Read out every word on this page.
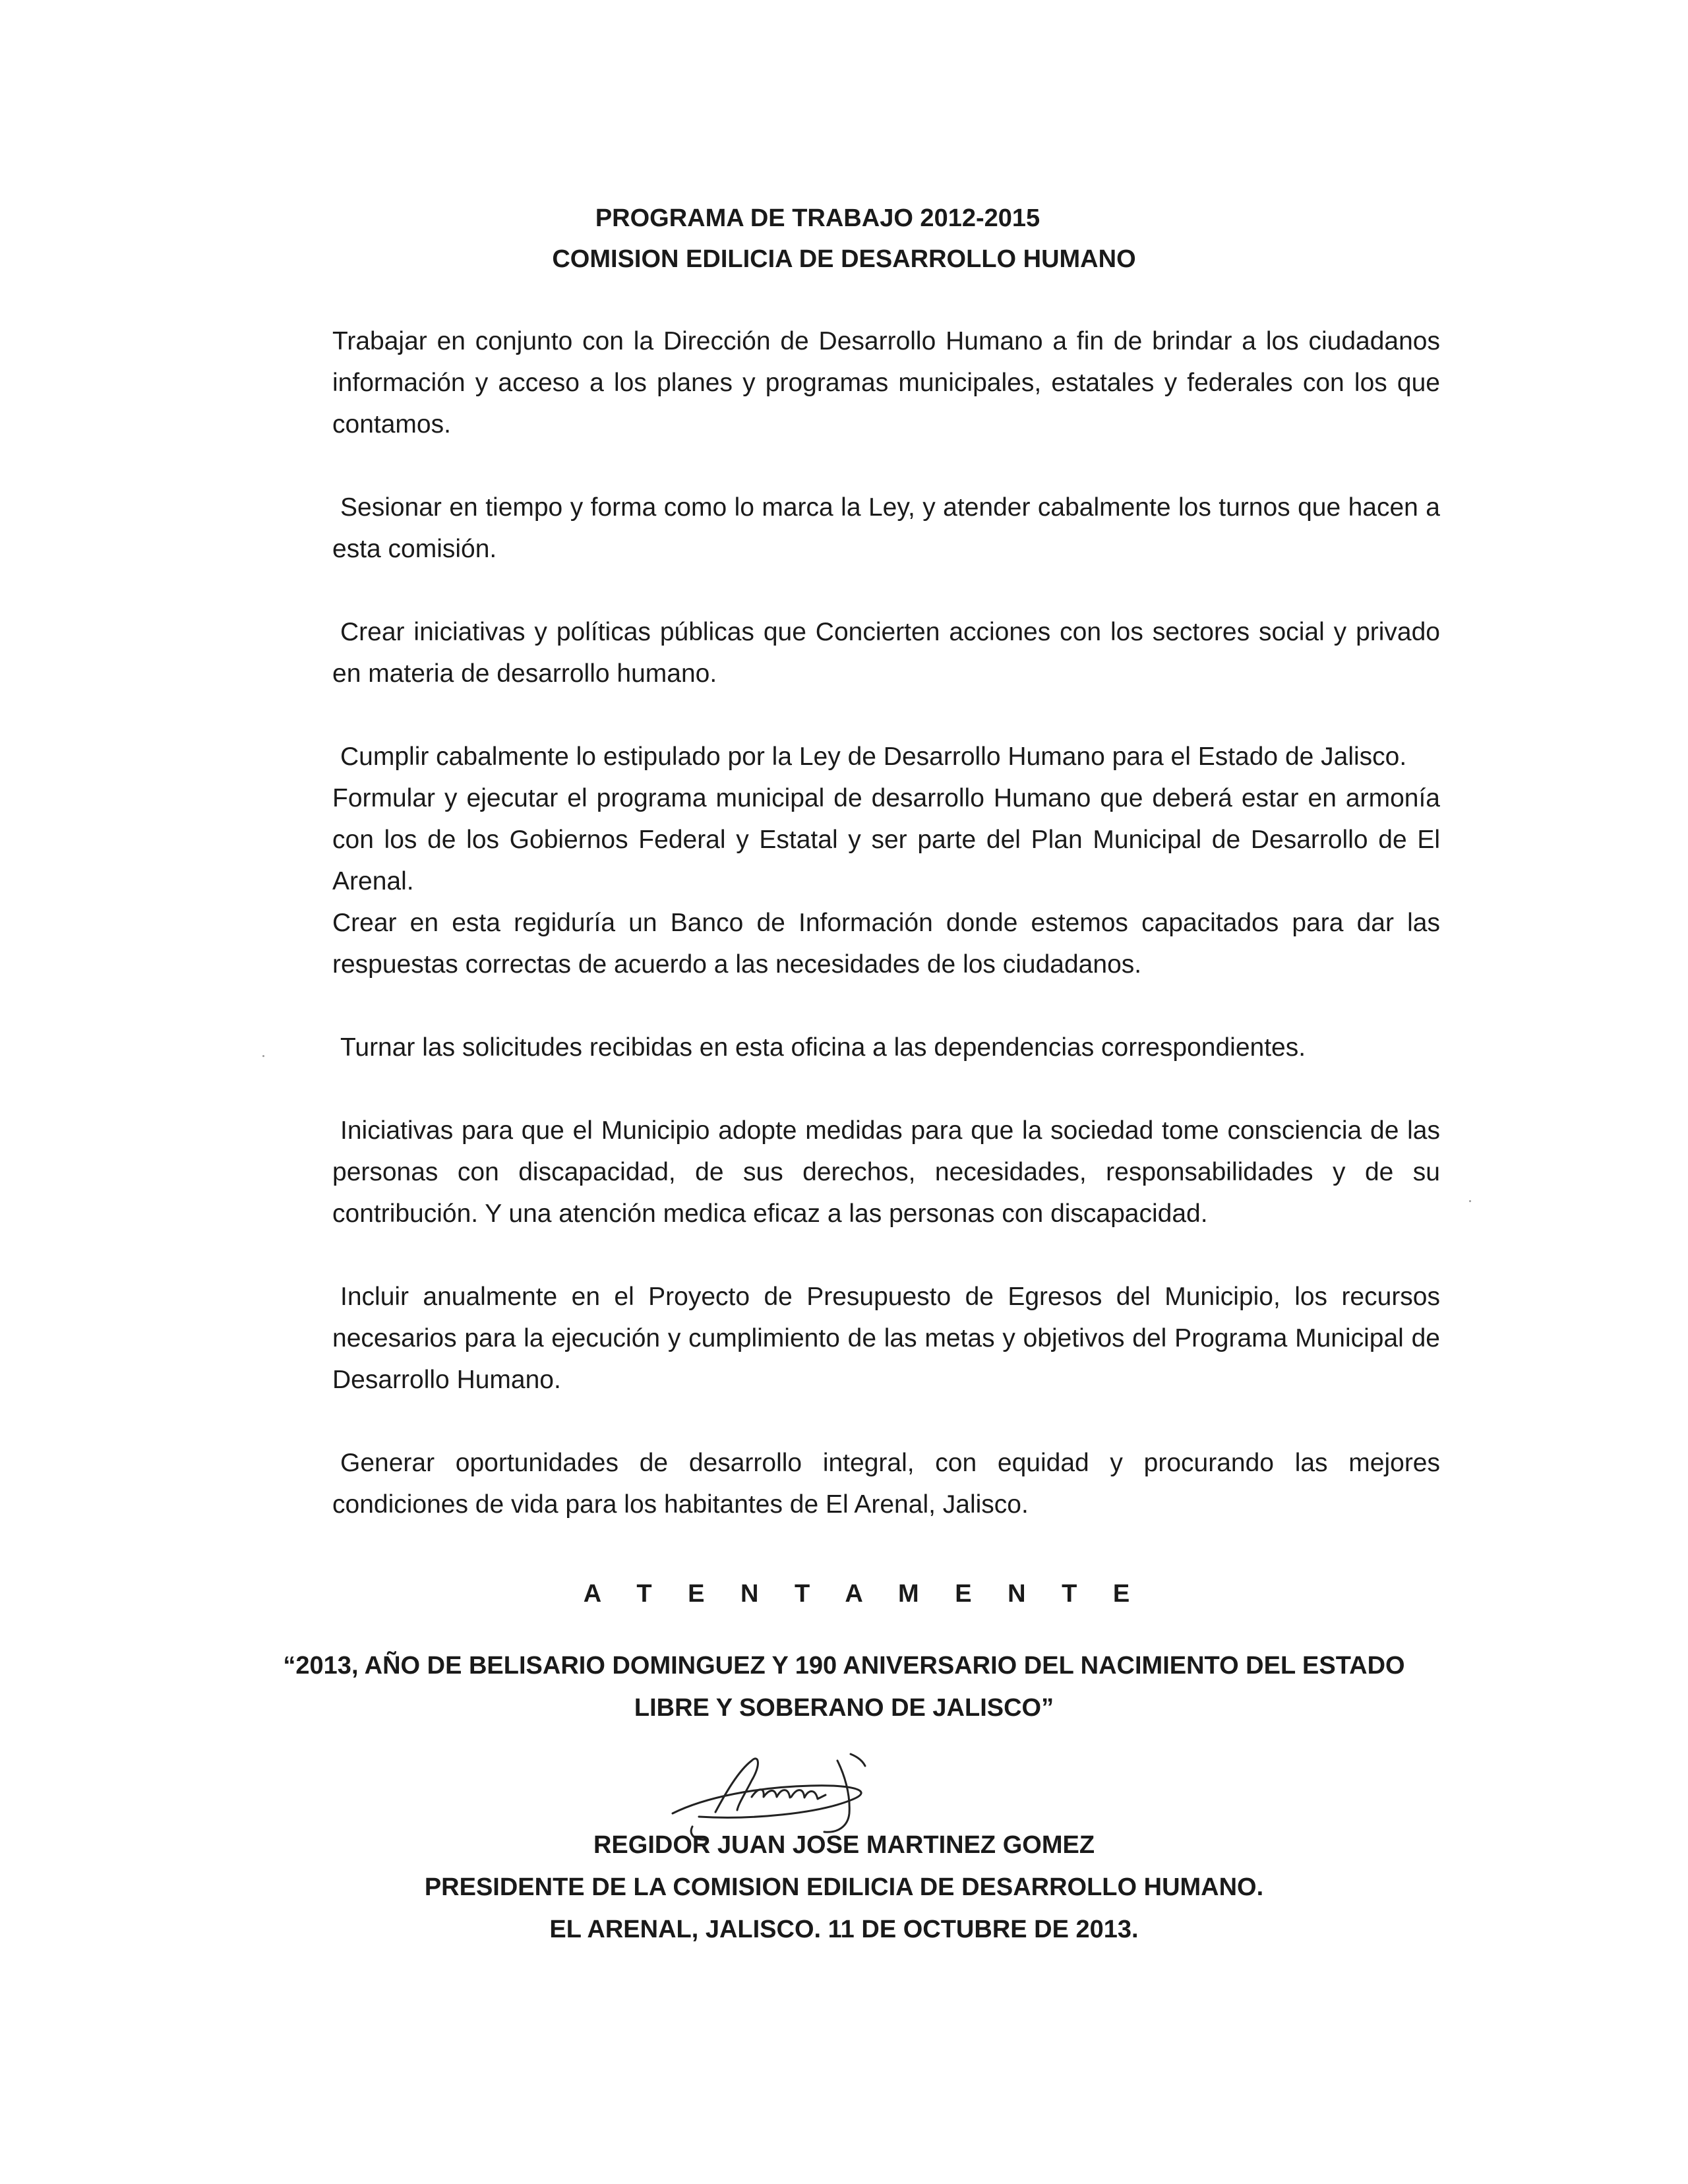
PROGRAMA DE TRABAJO 2012-2015
COMISION EDILICIA DE DESARROLLO HUMANO

Trabajar en conjunto con la Dirección de Desarrollo Humano a fin de brindar a los ciudadanos información y acceso a los planes y programas municipales, estatales y federales con los que contamos.

Sesionar en tiempo y forma como lo marca la Ley, y atender cabalmente los turnos que hacen a esta comisión.

Crear iniciativas y políticas públicas que Concierten acciones con los sectores social y privado en materia de desarrollo humano.

Cumplir cabalmente lo estipulado por la Ley de Desarrollo Humano para el Estado de Jalisco.

Formular y ejecutar el programa municipal de desarrollo Humano que deberá estar en armonía con los de los Gobiernos Federal y Estatal y ser parte del Plan Municipal de Desarrollo de El Arenal.

Crear en esta regiduría un Banco de Información donde estemos capacitados para dar las respuestas correctas de acuerdo a las necesidades de los ciudadanos.

Turnar las solicitudes recibidas en esta oficina a las dependencias correspondientes.

Iniciativas para que el Municipio adopte medidas para que la sociedad tome consciencia de las personas con discapacidad, de sus derechos, necesidades, responsabilidades y de su contribución. Y una atención medica eficaz a las personas con discapacidad.

Incluir anualmente en el Proyecto de Presupuesto de Egresos del Municipio, los recursos necesarios para la ejecución y cumplimiento de las metas y objetivos del Programa Municipal de Desarrollo Humano.

Generar oportunidades de desarrollo integral, con equidad y procurando las mejores condiciones de vida para los habitantes de El Arenal, Jalisco.

A T E N T A M E N T E
“2013, AÑO DE BELISARIO DOMINGUEZ Y 190 ANIVERSARIO DEL NACIMIENTO DEL ESTADO
LIBRE Y SOBERANO DE JALISCO”
REGIDOR JUAN JOSE MARTINEZ GOMEZ
PRESIDENTE DE LA COMISION EDILICIA DE DESARROLLO HUMANO.
EL ARENAL, JALISCO. 11 DE OCTUBRE DE 2013.
